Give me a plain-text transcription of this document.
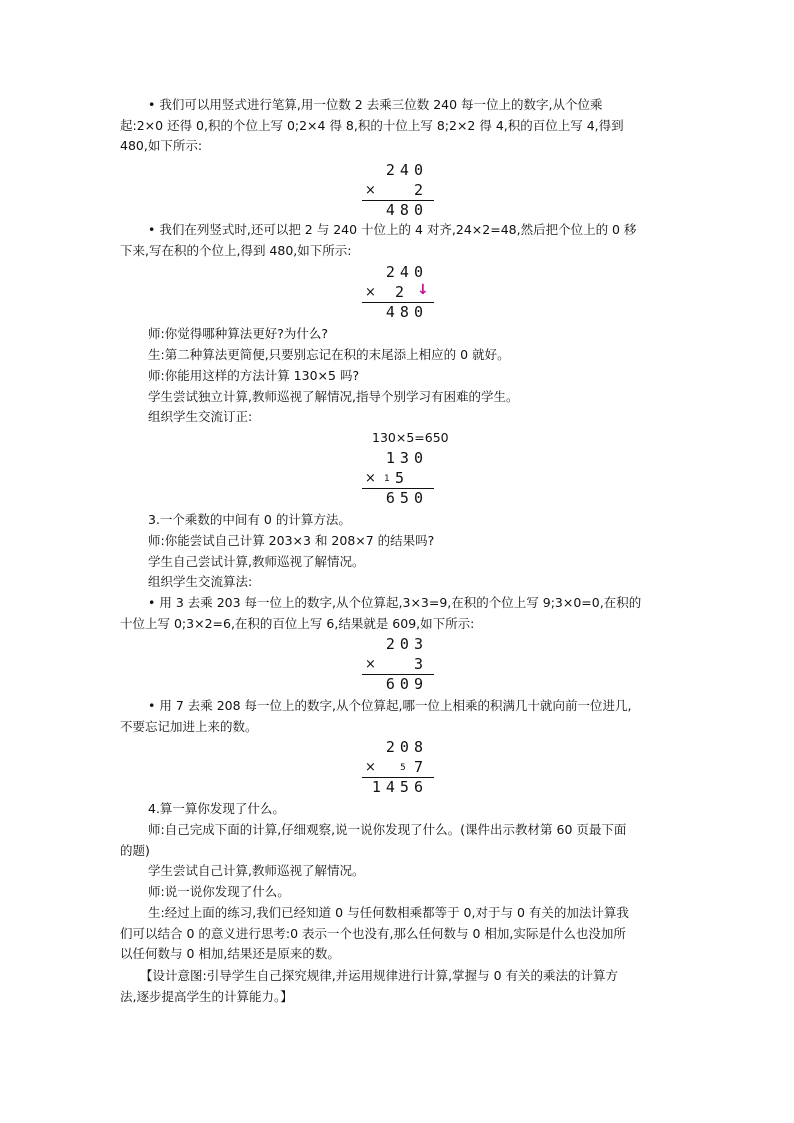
• 我们可以用竖式进行笔算,用一位数 2 去乘三位数 240 每一位上的数字,从个位乘
起:2×0 还得 0,积的个位上写 0;2×4 得 8,积的十位上写 8;2×2 得 4,积的百位上写 4,得到
480,如下所示:
240
×	2
480
• 我们在列竖式时,还可以把 2 与 240 十位上的 4 对齐,24×2=48,然后把个位上的 0 移
下来,写在积的个位上,得到 480,如下所示:
240
× 2 ↓
480
师:你觉得哪种算法更好?为什么?
生:第二种算法更简便,只要别忘记在积的末尾添上相应的 0 就好。
师:你能用这样的方法计算 130×5 吗?
学生尝试独立计算,教师巡视了解情况,指导个别学习有困难的学生。
组织学生交流订正:
130×5=650
130
× 1 5
650
3.一个乘数的中间有 0 的计算方法。
师:你能尝试自己计算 203×3 和 208×7 的结果吗?
学生自己尝试计算,教师巡视了解情况。
组织学生交流算法:
• 用 3 去乘 203 每一位上的数字,从个位算起,3×3=9,在积的个位上写 9;3×0=0,在积的
十位上写 0;3×2=6,在积的百位上写 6,结果就是 609,如下所示:
203
×	3
609
• 用 7 去乘 208 每一位上的数字,从个位算起,哪一位上相乘的积满几十就向前一位进几,
不要忘记加进上来的数。
208
×	5 7
1456
4.算一算你发现了什么。
师:自己完成下面的计算,仔细观察,说一说你发现了什么。(课件出示教材第 60 页最下面
的题)
学生尝试自己计算,教师巡视了解情况。
师:说一说你发现了什么。
生:经过上面的练习,我们已经知道 0 与任何数相乘都等于 0,对于与 0 有关的加法计算我
们可以结合 0 的意义进行思考:0 表示一个也没有,那么任何数与 0 相加,实际是什么也没加所
以任何数与 0 相加,结果还是原来的数。
【设计意图:引导学生自己探究规律,并运用规律进行计算,掌握与 0 有关的乘法的计算方
法,逐步提高学生的计算能力。】
